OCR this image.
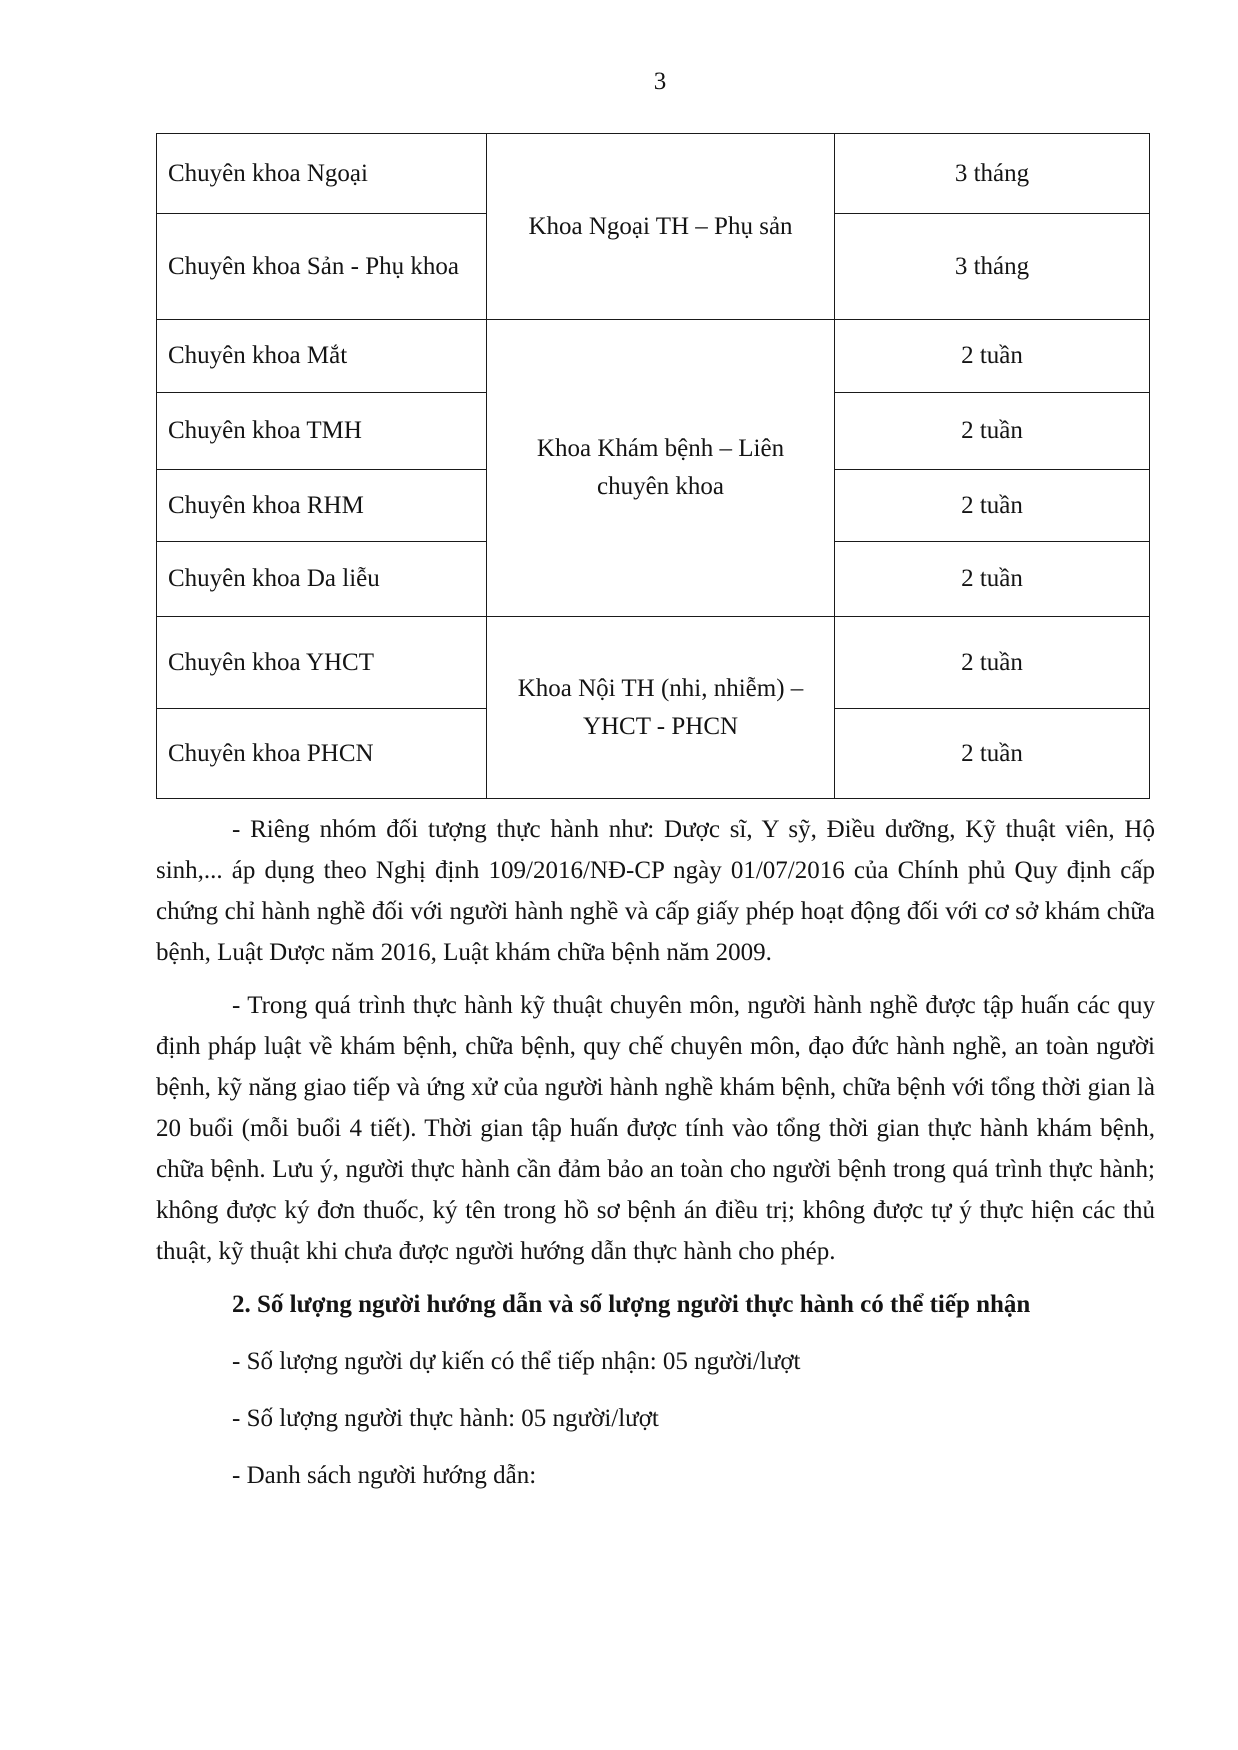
3
Chuyên khoa Ngoại	Khoa Ngoại TH – Phụ sản	3 tháng
Chuyên khoa Sản - Phụ khoa		3 tháng
Chuyên khoa Mắt	Khoa Khám bệnh – Liên chuyên khoa	2 tuần
Chuyên khoa TMH		2 tuần
Chuyên khoa RHM		2 tuần
Chuyên khoa Da liễu		2 tuần
Chuyên khoa YHCT	Khoa Nội TH (nhi, nhiễm) – YHCT - PHCN	2 tuần
Chuyên khoa PHCN		2 tuần

- Riêng nhóm đối tượng thực hành như: Dược sĩ, Y sỹ, Điều dưỡng, Kỹ thuật viên, Hộ sinh,... áp dụng theo Nghị định 109/2016/NĐ-CP ngày 01/07/2016 của Chính phủ Quy định cấp chứng chỉ hành nghề đối với người hành nghề và cấp giấy phép hoạt động đối với cơ sở khám chữa bệnh, Luật Dược năm 2016, Luật khám chữa bệnh năm 2009.

- Trong quá trình thực hành kỹ thuật chuyên môn, người hành nghề được tập huấn các quy định pháp luật về khám bệnh, chữa bệnh, quy chế chuyên môn, đạo đức hành nghề, an toàn người bệnh, kỹ năng giao tiếp và ứng xử của người hành nghề khám bệnh, chữa bệnh với tổng thời gian là 20 buổi (mỗi buổi 4 tiết). Thời gian tập huấn được tính vào tổng thời gian thực hành khám bệnh, chữa bệnh. Lưu ý, người thực hành cần đảm bảo an toàn cho người bệnh trong quá trình thực hành; không được ký đơn thuốc, ký tên trong hồ sơ bệnh án điều trị; không được tự ý thực hiện các thủ thuật, kỹ thuật khi chưa được người hướng dẫn thực hành cho phép.

2. Số lượng người hướng dẫn và số lượng người thực hành có thể tiếp nhận

- Số lượng người dự kiến có thể tiếp nhận: 05 người/lượt

- Số lượng người thực hành: 05 người/lượt

- Danh sách người hướng dẫn:
